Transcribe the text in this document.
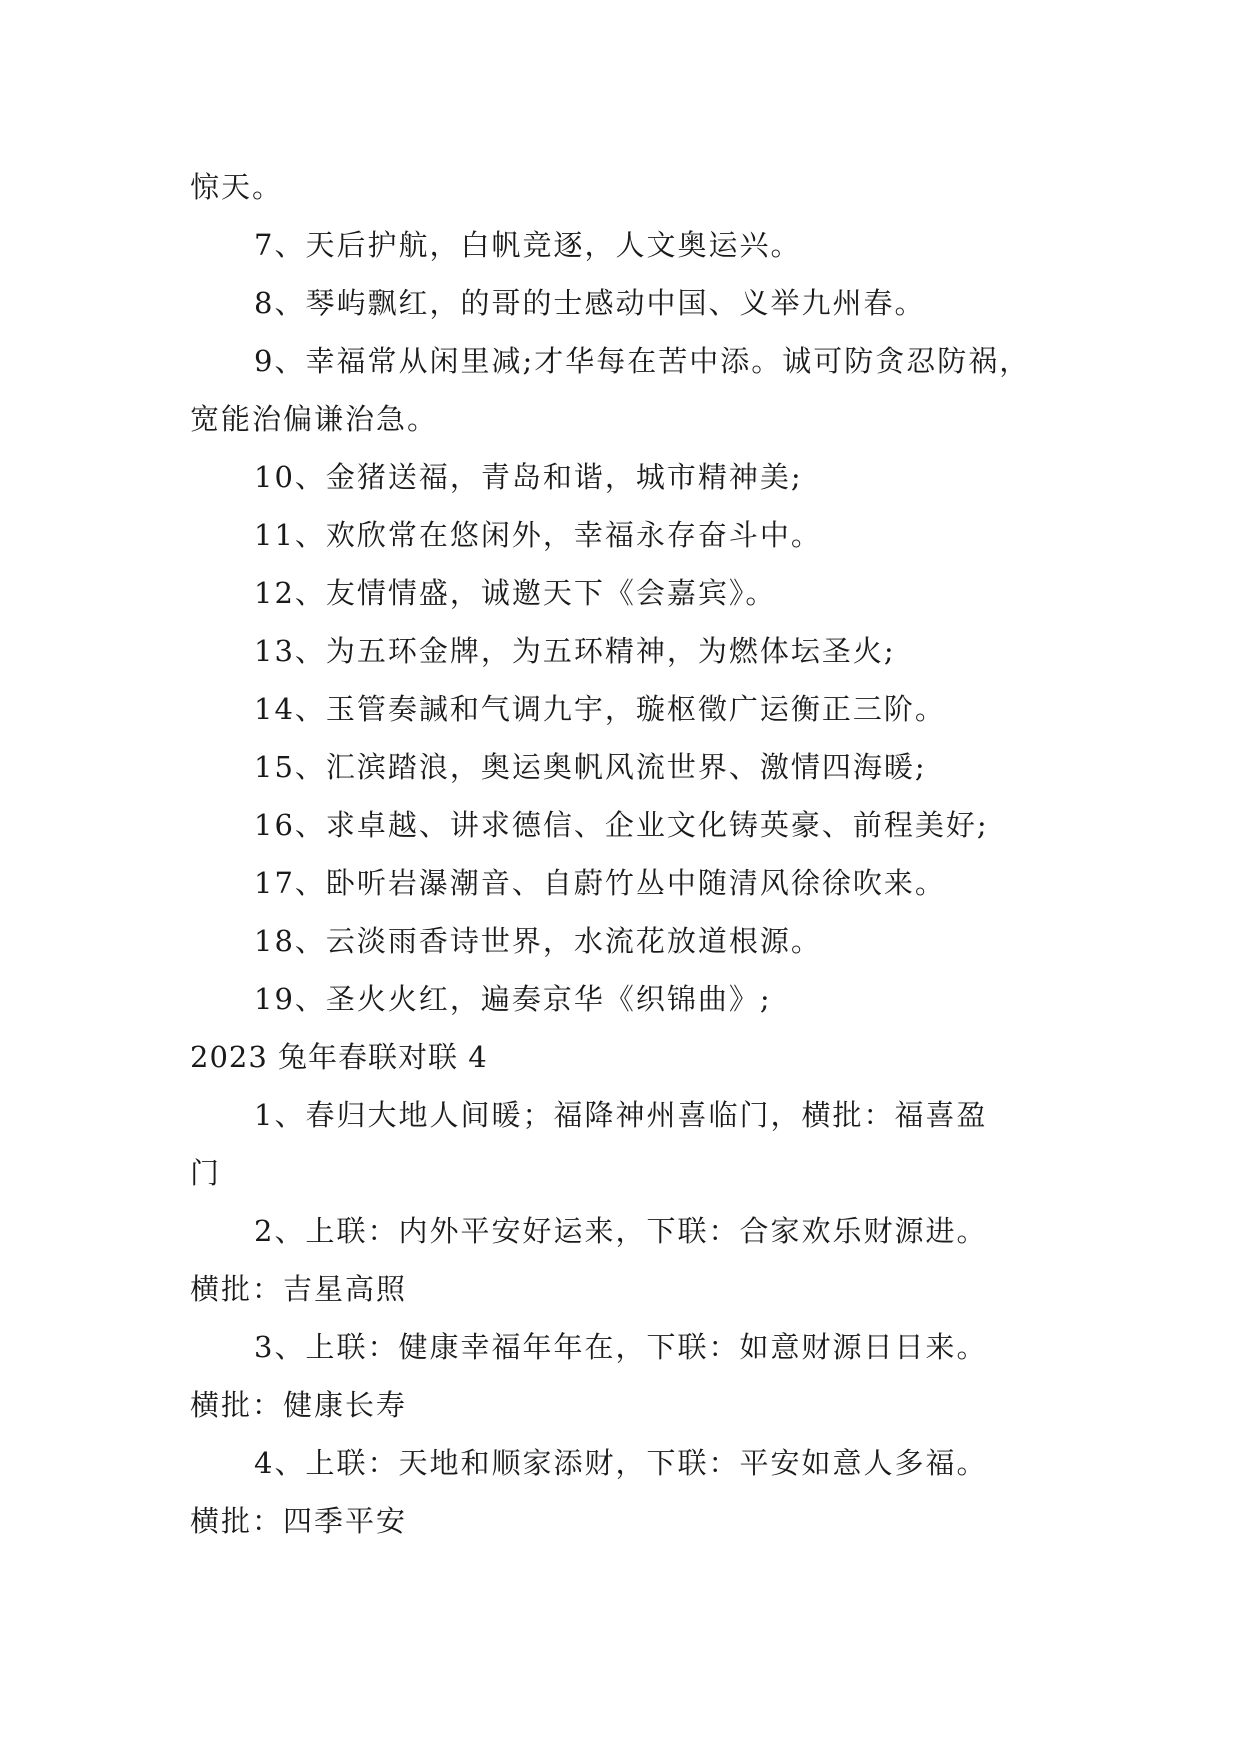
惊天。
7、天后护航，白帆竞逐，人文奥运兴。
8、琴屿飘红，的哥的士感动中国、义举九州春。
9、幸福常从闲里减;才华每在苦中添。诚可防贪忍防祸，
宽能治偏谦治急。
10、金猪送福，青岛和谐，城市精神美;
11、欢欣常在悠闲外，幸福永存奋斗中。
12、友情情盛，诚邀天下《会嘉宾》。
13、为五环金牌，为五环精神，为燃体坛圣火;
14、玉管奏諴和气调九宇，璇枢徵广运衡正三阶。
15、汇滨踏浪，奥运奥帆风流世界、激情四海暖;
16、求卓越、讲求德信、企业文化铸英豪、前程美好;
17、卧听岩瀑潮音、自蔚竹丛中随清风徐徐吹来。
18、云淡雨香诗世界，水流花放道根源。
19、圣火火红，遍奏京华《织锦曲》;
2023 兔年春联对联 4
1、春归大地人间暖；福降神州喜临门，横批：福喜盈
门
2、上联：内外平安好运来，下联：合家欢乐财源进。
横批：吉星高照
3、上联：健康幸福年年在，下联：如意财源日日来。
横批：健康长寿
4、上联：天地和顺家添财，下联：平安如意人多福。
横批：四季平安
